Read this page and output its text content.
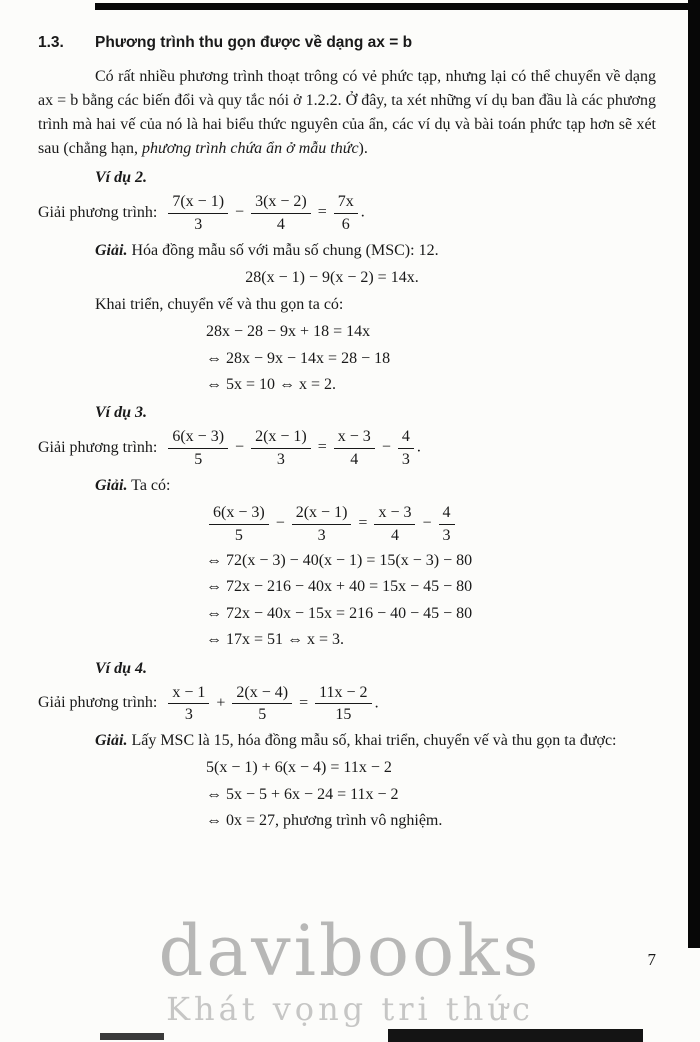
1.3.	Phương trình thu gọn được về dạng ax = b

Có rất nhiều phương trình thoạt trông có vẻ phức tạp, nhưng lại có thể chuyển về dạng ax = b bằng các biến đổi và quy tắc nói ở 1.2.2. Ở đây, ta xét những ví dụ ban đầu là các phương trình mà hai vế của nó là hai biểu thức nguyên của ẩn, các ví dụ và bài toán phức tạp hơn sẽ xét sau (chẳng hạn, phương trình chứa ẩn ở mẫu thức).

Ví dụ 2.
Giải phương trình: $\frac{7(x - 1)}{3} - \frac{3(x - 2)}{4} = \frac{7x}{6}$ .

Giải. Hóa đồng mẫu số với mẫu số chung (MSC): 12.

28(x − 1) − 9(x − 2) = 14x.

Khai triển, chuyển vế và thu gọn ta có:

28x − 28 − 9x + 18 = 14x
⇔ 28x − 9x − 14x = 28 − 18
⇔ 5x = 10 ⇔ x = 2.
Ví dụ 3.
Giải phương trình: $\frac{6(x - 3)}{5} - \frac{2(x - 1)}{3} = \frac{x - 3}{4} - \frac{4}{3}$ .

Giải. Ta có:

$\frac{6(x - 3)}{5} - \frac{2(x - 1)}{3} = \frac{x - 3}{4} - \frac{4}{3}$
⇔ 72(x − 3) − 40(x − 1) = 15(x − 3) − 80
⇔ 72x − 216 − 40x + 40 = 15x − 45 − 80
⇔ 72x − 40x − 15x = 216 − 40 − 45 − 80
⇔ 17x = 51 ⇔ x = 3.
Ví dụ 4.
Giải phương trình: $\frac{x - 1}{3} + \frac{2(x - 4)}{5} = \frac{11x - 2}{15}$ .

Giải. Lấy MSC là 15, hóa đồng mẫu số, khai triển, chuyển vế và thu gọn ta được:

5(x − 1) + 6(x − 4) = 11x − 2
⇔ 5x − 5 + 6x − 24 = 11x − 2
⇔ 0x = 27, phương trình vô nghiệm.
davibooks
Khát vọng tri thức
7
